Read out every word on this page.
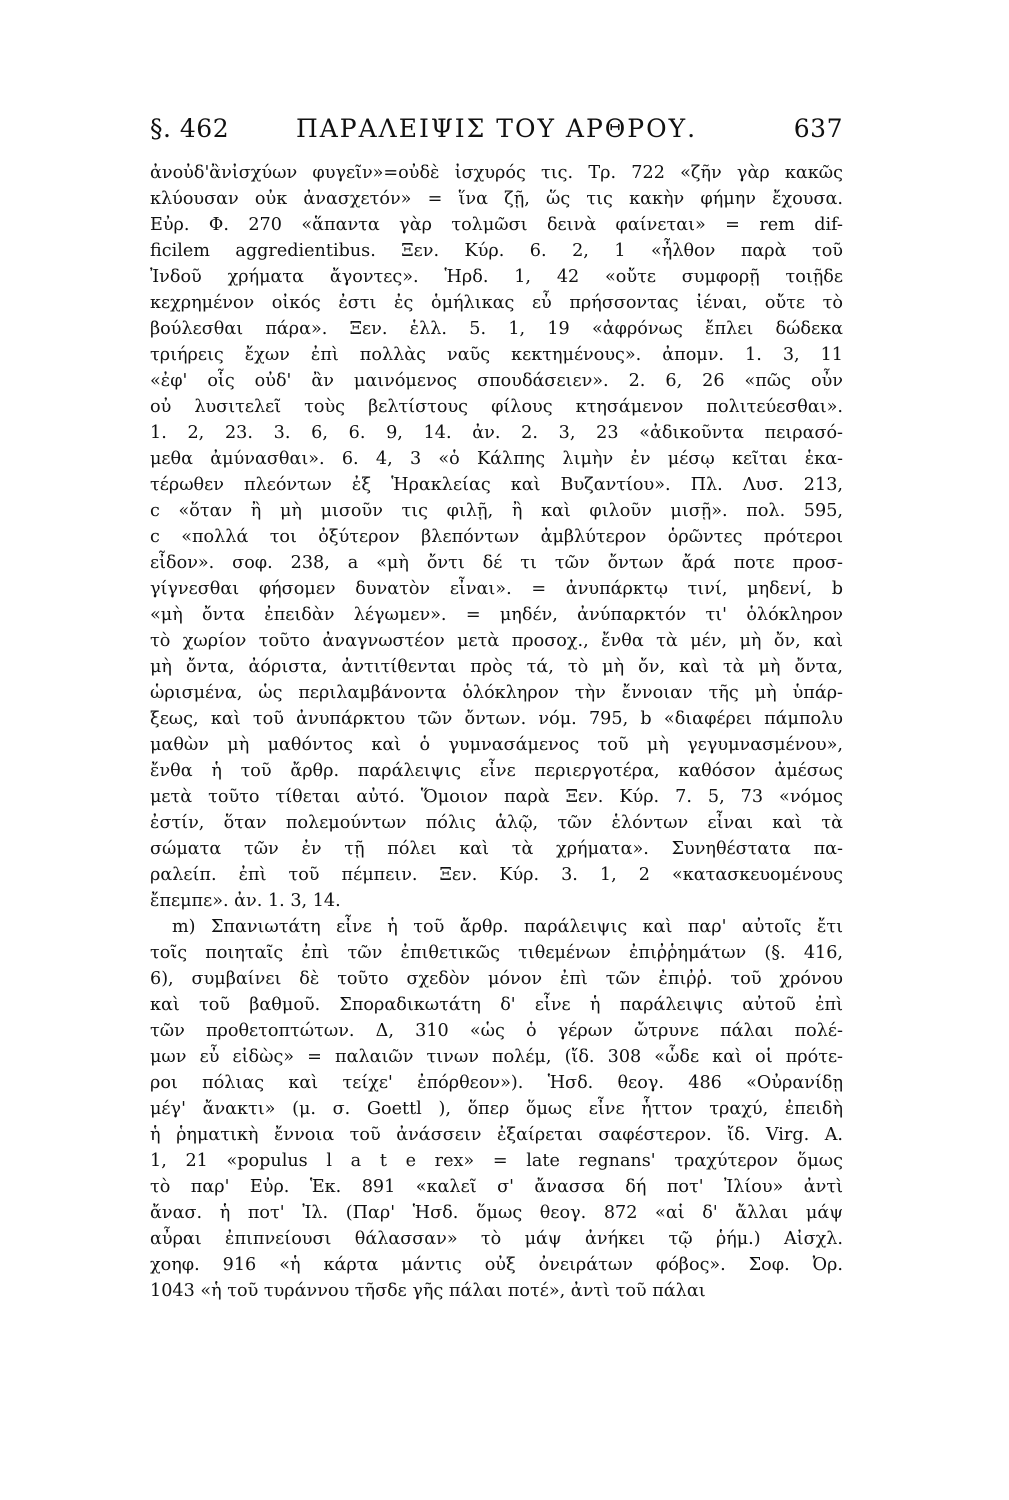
§. 462	ΠΑΡΑΛΕΙΨΙΣ ΤΟΥ ΑΡΘΡΟΥ.	637
ἀνοὐδ'ἂνἰσχύων φυγεῖν»=οὐδὲ ἰσχυρός τις. Τρ. 722 «ζῆν γὰρ κακῶς
κλύουσαν οὐκ ἀνασχετόν» = ἵνα ζῇ, ὥς τις κακὴν φήμην ἔχουσα.
Εὐρ. Φ. 270 «ἅπαντα γὰρ τολμῶσι δεινὰ φαίνεται» = rem dif-
ficilem aggredientibus. Ξεν. Κύρ. 6. 2, 1 «ἦλθον παρὰ τοῦ
Ἰνδοῦ χρήματα ἄγοντες». Ἡρδ. 1, 42 «οὔτε συμφορῇ τοιῇδε
κεχρημένον οἰκός ἐστι ἐς ὁμήλικας εὖ πρήσσοντας ἰέναι, οὔτε τὸ
βούλεσθαι πάρα». Ξεν. ἑλλ. 5. 1, 19 «ἀφρόνως ἔπλει δώδεκα
τριήρεις ἔχων ἐπὶ πολλὰς ναῦς κεκτημένους». ἀπομν. 1. 3, 11
«ἐφ' οἷς οὐδ' ἂν μαινόμενος σπουδάσειεν». 2. 6, 26 «πῶς οὖν
οὐ λυσιτελεῖ τοὺς βελτίστους φίλους κτησάμενον πολιτεύεσθαι».
1. 2, 23. 3. 6, 6. 9, 14. ἀν. 2. 3, 23 «ἀδικοῦντα πειρασό-
μεθα ἀμύνασθαι». 6. 4, 3 «ὁ Κάλπης λιμὴν ἐν μέσῳ κεῖται ἑκα-
τέρωθεν πλεόντων ἐξ Ἡρακλείας καὶ Βυζαντίου». Πλ. Λυσ. 213,
c «ὅταν ἢ μὴ μισοῦν τις φιλῇ, ἢ καὶ φιλοῦν μισῇ». πολ. 595,
c «πολλά τοι ὀξύτερον βλεπόντων ἀμβλύτερον ὁρῶντες πρότεροι
εἶδον». σοφ. 238, a «μὴ ὄντι δέ τι τῶν ὄντων ἄρά ποτε προσ-
γίγνεσθαι φήσομεν δυνατὸν εἶναι». = ἀνυπάρκτῳ τινί, μηδενί, b
«μὴ ὄντα ἐπειδὰν λέγωμεν». = μηδέν, ἀνύπαρκτόν τι' ὁλόκληρον
τὸ χωρίον τοῦτο ἀναγνωστέον μετὰ προσοχ., ἔνθα τὰ μέν, μὴ ὄν, καὶ
μὴ ὄντα, ἀόριστα, ἀντιτίθενται πρὸς τά, τὸ μὴ ὄν, καὶ τὰ μὴ ὄντα,
ὡρισμένα, ὡς περιλαμβάνοντα ὁλόκληρον τὴν ἔννοιαν τῆς μὴ ὑπάρ-
ξεως, καὶ τοῦ ἀνυπάρκτου τῶν ὄντων. νόμ. 795, b «διαφέρει πάμπολυ
μαθὼν μὴ μαθόντος καὶ ὁ γυμνασάμενος τοῦ μὴ γεγυμνασμένου»,
ἔνθα ἡ τοῦ ἄρθρ. παράλειψις εἶνε περιεργοτέρα, καθόσον ἀμέσως
μετὰ τοῦτο τίθεται αὐτό. Ὅμοιον παρὰ Ξεν. Κύρ. 7. 5, 73 «νόμος
ἐστίν, ὅταν πολεμούντων πόλις ἁλῷ, τῶν ἑλόντων εἶναι καὶ τὰ
σώματα τῶν ἐν τῇ πόλει καὶ τὰ χρήματα». Συνηθέστατα πα-
ραλείπ. ἐπὶ τοῦ πέμπειν. Ξεν. Κύρ. 3. 1, 2 «κατασκευομένους
ἔπεμπε». ἀν. 1. 3, 14.
m) Σπανιωτάτη εἶνε ἡ τοῦ ἄρθρ. παράλειψις καὶ παρ' αὐτοῖς ἔτι
τοῖς ποιηταῖς ἐπὶ τῶν ἐπιθετικῶς τιθεμένων ἐπιῤῥημάτων (§. 416,
6), συμβαίνει δὲ τοῦτο σχεδὸν μόνον ἐπὶ τῶν ἐπιῤῥ. τοῦ χρόνου
καὶ τοῦ βαθμοῦ. Σποραδικωτάτη δ' εἶνε ἡ παράλειψις αὐτοῦ ἐπὶ
τῶν προθετοπτώτων. Δ, 310 «ὡς ὁ γέρων ὤτρυνε πάλαι πολέ-
μων εὖ εἰδὼς» = παλαιῶν τινων πολέμ, (ἴδ. 308 «ὧδε καὶ οἱ πρότε-
ροι πόλιας καὶ τείχε' ἐπόρθεον»). Ἡσδ. θεογ. 486 «Οὐρανίδῃ
μέγ' ἄνακτι» (μ. σ. Goettl ), ὅπερ ὅμως εἶνε ἧττον τραχύ, ἐπειδὴ
ἡ ῥηματικὴ ἔννοια τοῦ ἀνάσσειν ἐξαίρεται σαφέστερον. ἴδ. Virg. A.
1, 21 «populus l a t e rex» = late regnans' τραχύτερον ὅμως
τὸ παρ' Εὐρ. Ἑκ. 891 «καλεῖ σ' ἄνασσα δή ποτ' Ἰλίου» ἀντὶ
ἄνασ. ἡ ποτ' Ἰλ. (Παρ' Ἡσδ. ὅμως θεογ. 872 «αἱ δ' ἄλλαι μάψ
αὖραι ἐπιπνείουσι θάλασσαν» τὸ μάψ ἀνήκει τῷ ῥήμ.) Αἰσχλ.
χοηφ. 916 «ἡ κάρτα μάντις οὐξ ὀνειράτων φόβος». Σοφ. Ὀρ.
1043 «ἡ τοῦ τυράννου τῆσδε γῆς πάλαι ποτέ», ἀντὶ τοῦ πάλαι
